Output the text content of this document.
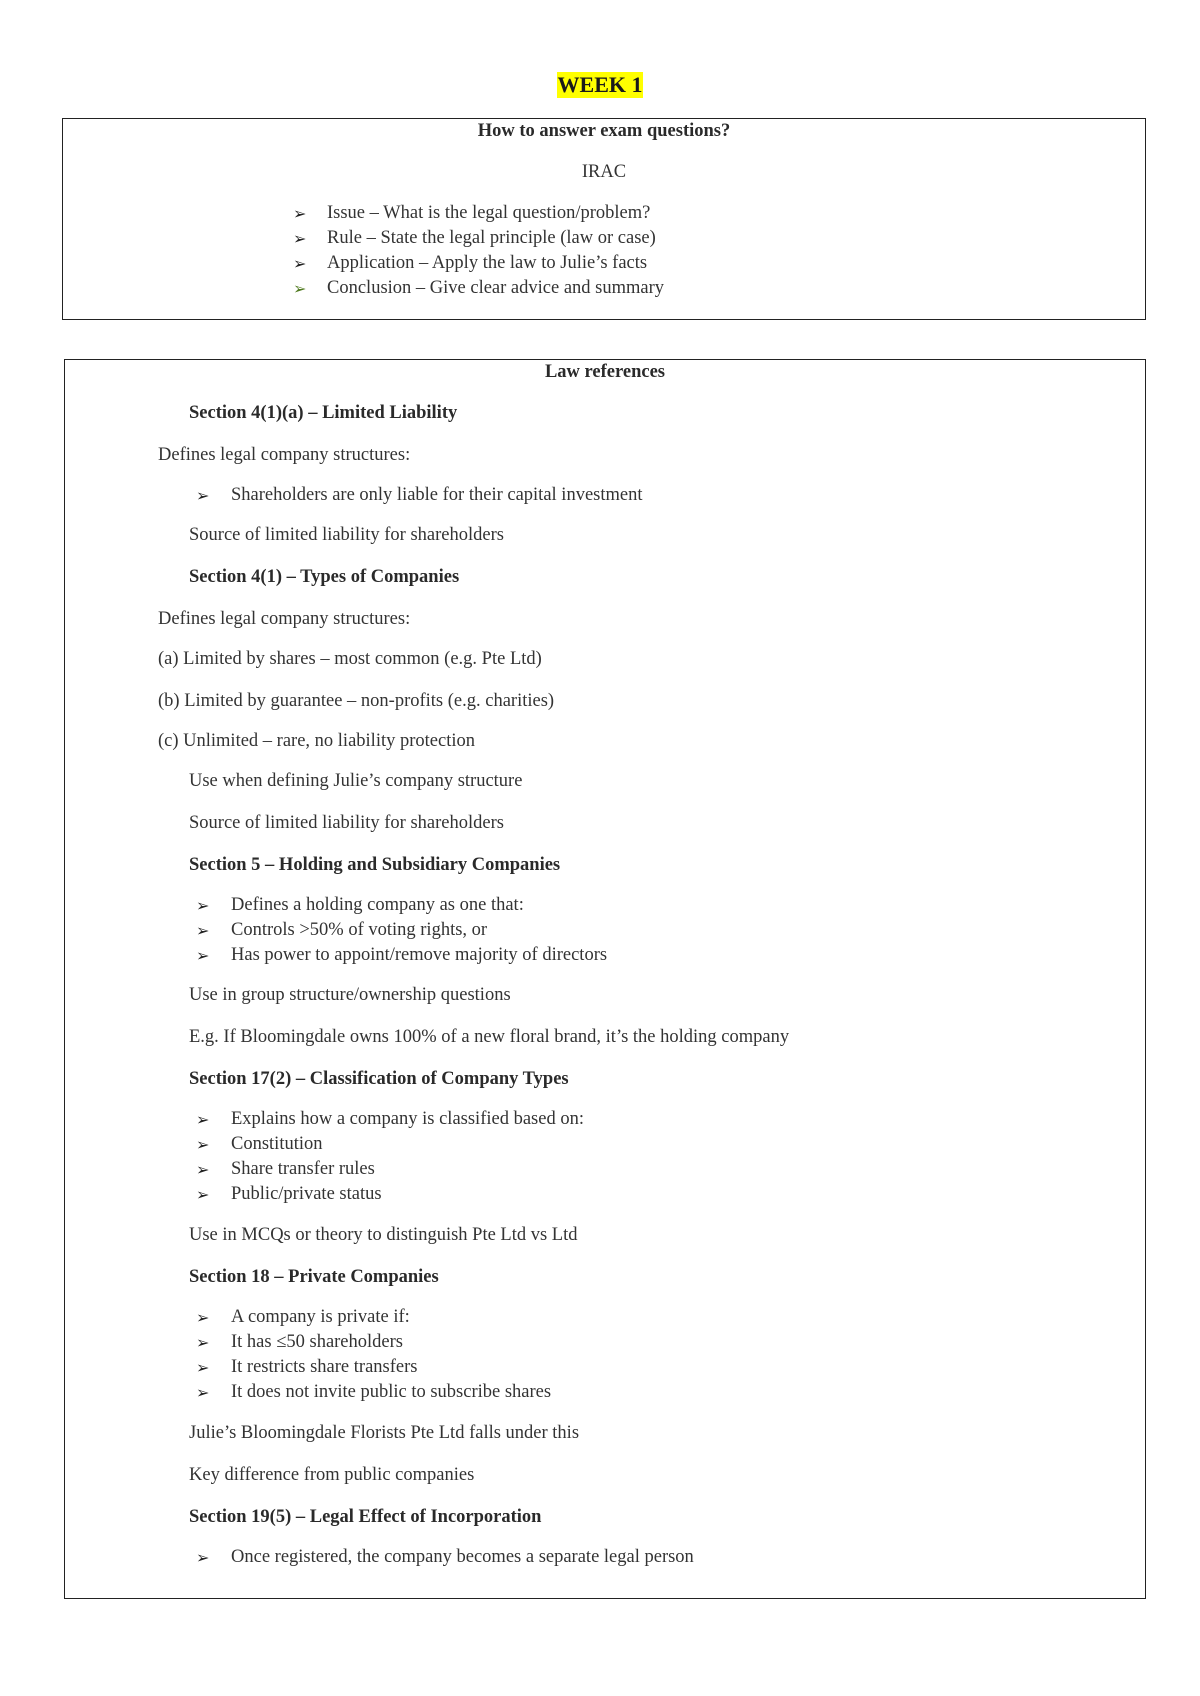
WEEK 1
How to answer exam questions?
IRAC
➢ Issue – What is the legal question/problem?
➢ Rule – State the legal principle (law or case)
➢ Application – Apply the law to Julie’s facts
➢ Conclusion – Give clear advice and summary
Law references
Section 4(1)(a) – Limited Liability
Defines legal company structures:
➢ Shareholders are only liable for their capital investment
Source of limited liability for shareholders
Section 4(1) – Types of Companies
Defines legal company structures:
(a) Limited by shares – most common (e.g. Pte Ltd)
(b) Limited by guarantee – non-profits (e.g. charities)
(c) Unlimited – rare, no liability protection
Use when defining Julie’s company structure
Source of limited liability for shareholders
Section 5 – Holding and Subsidiary Companies
➢ Defines a holding company as one that:
➢ Controls >50% of voting rights, or
➢ Has power to appoint/remove majority of directors
Use in group structure/ownership questions
E.g. If Bloomingdale owns 100% of a new floral brand, it’s the holding company
Section 17(2) – Classification of Company Types
➢ Explains how a company is classified based on:
➢ Constitution
➢ Share transfer rules
➢ Public/private status
Use in MCQs or theory to distinguish Pte Ltd vs Ltd
Section 18 – Private Companies
➢ A company is private if:
➢ It has ≤50 shareholders
➢ It restricts share transfers
➢ It does not invite public to subscribe shares
Julie’s Bloomingdale Florists Pte Ltd falls under this
Key difference from public companies
Section 19(5) – Legal Effect of Incorporation
➢ Once registered, the company becomes a separate legal person
